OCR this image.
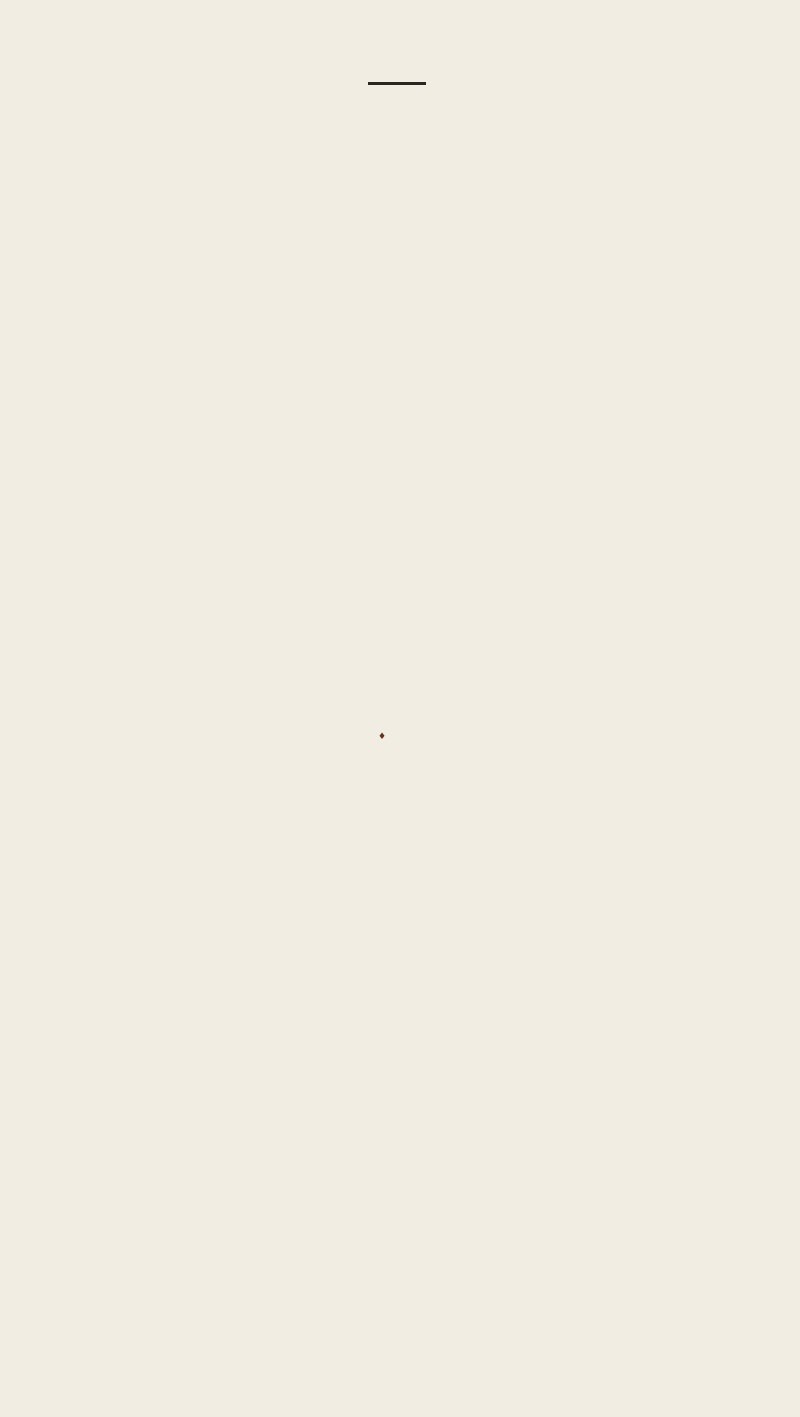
♦
